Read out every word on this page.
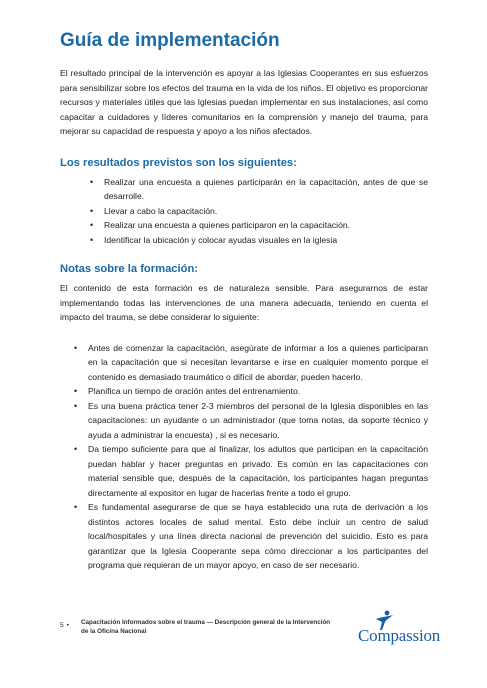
Guía de implementación

El resultado principal de la intervención es apoyar a las Iglesias Cooperantes en sus esfuerzos para sensibilizar sobre los efectos del trauma en la vida de los niños. El objetivo es proporcionar recursos y materiales útiles que las Iglesias puedan implementar en sus instalaciones, así como capacitar a cuidadores y líderes comunitarios en la comprensión y manejo del trauma, para mejorar su capacidad de respuesta y apoyo a los niños afectados.

Los resultados previstos son los siguientes:
• Realizar una encuesta a quienes participarán en la capacitación, antes de que se desarrolle.
• Llevar a cabo la capacitación.
• Realizar una encuesta a quienes participaron en la capacitación.
• Identificar la ubicación y colocar ayudas visuales en la iglesia
Notas sobre la formación:

El contenido de esta formación es de naturaleza sensible. Para asegurarnos de estar implementando todas las intervenciones de una manera adecuada, teniendo en cuenta el impacto del trauma, se debe considerar lo siguiente:

• Antes de comenzar la capacitación, asegúrate de informar a los a quienes participaran en la capacitación que si necesitan levantarse e irse en cualquier momento porque el contenido es demasiado traumático o difícil de abordar, pueden hacerlo.
• Planifica un tiempo de oración antes del entrenamiento.
• Es una buena práctica tener 2-3 miembros del personal de la Iglesia disponibles en las capacitaciones: un ayudante o un administrador (que toma notas, da soporte técnico y ayuda a administrar la encuesta) , si es necesario.
• Da tiempo suficiente para que al finalizar, los adultos que participan en la capacitación puedan hablar y hacer preguntas en privado. Es común en las capacitaciones con material sensible que, después de la capacitación, los participantes hagan preguntas directamente al expositor en lugar de hacerlas frente a todo el grupo.
• Es fundamental asegurarse de que se haya establecido una ruta de derivación a los distintos actores locales de salud mental. Esto debe incluir un centro de salud local/hospitales y una línea directa nacional de prevención del suicidio. Esto es para garantizar que la Iglesia Cooperante sepa cómo direccionar a los participantes del programa que requieran de un mayor apoyo, en caso de ser necesario.
5 • Capacitación Informados sobre el trauma — Descripción general de la Intervención de la Oficina Nacional	Compassion
